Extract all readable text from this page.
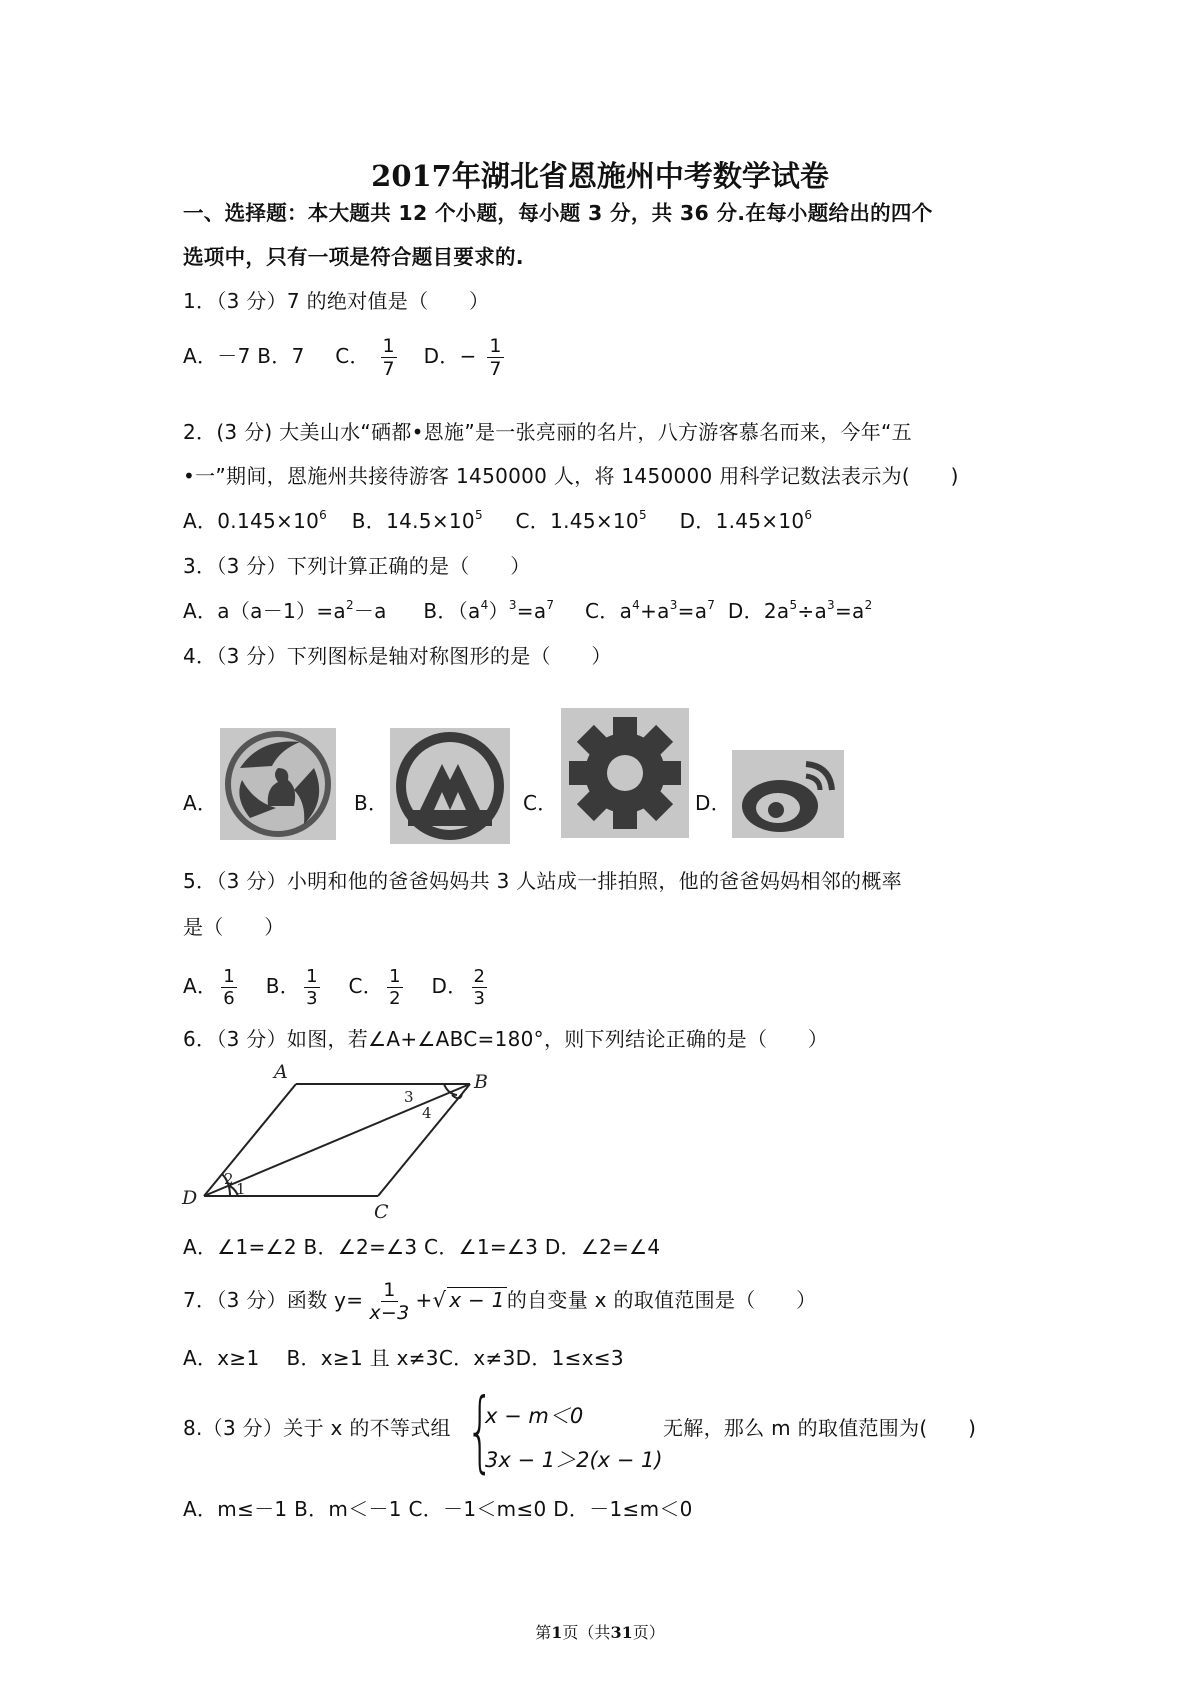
2017年湖北省恩施州中考数学试卷
一、选择题：本大题共 12 个小题，每小题 3 分，共 36 分.在每小题给出的四个
选项中，只有一项是符合题目要求的.
1．（3 分）7 的绝对值是（　　）
A．－7 B．7 C． $\frac{1}{7}$ D．− $\frac{1}{7}$
2．(3 分) 大美山水“硒都•恩施”是一张亮丽的名片，八方游客慕名而来，今年“五
•一”期间，恩施州共接待游客 1450000 人，将 1450000 用科学记数法表示为(　　)
A．$0.145\times 10^6$ B．$14.5\times 10^5$ C．$1.45\times 10^5$ D．$1.45\times 10^6$
3．（3 分）下列计算正确的是（　　）
A．$a(a-1)=a^2-a$ B．$(a^4)^3=a^7$ C．$a^4+a^3=a^7$ D．$2a^5\div a^3=a^2$
4．（3 分）下列图标是轴对称图形的是（　　）
A．	B．	C．	D．
5．（3 分）小明和他的爸爸妈妈共 3 人站成一排拍照，他的爸爸妈妈相邻的概率
是（　　）
A． $\frac{1}{6}$ B． $\frac{1}{3}$ C． $\frac{1}{2}$ D． $\frac{2}{3}$
6．（3 分）如图，若∠A+∠ABC=180°，则下列结论正确的是（　　）
A	B
C
D	1
2
3
4
A．∠1=∠2 B．∠2=∠3 C．∠1=∠3 D．∠2=∠4
7．（3 分）函数 $y= \frac{1}{x-3}$ +√ x − 1 的自变量 x 的取值范围是（　　）
A．x≥1　 B．x≥1 且 x≠3C．x≠3D．1≤x≤3
8.（3 分）关于 x 的不等式组 {
x − m＜0
3x − 1＞2(x − 1)
无解，那么 m 的取值范围为(　　)
A．m≤－1 B．m＜－1 C．－1＜m≤0 D．－1≤m＜0
第1页（共31页）
